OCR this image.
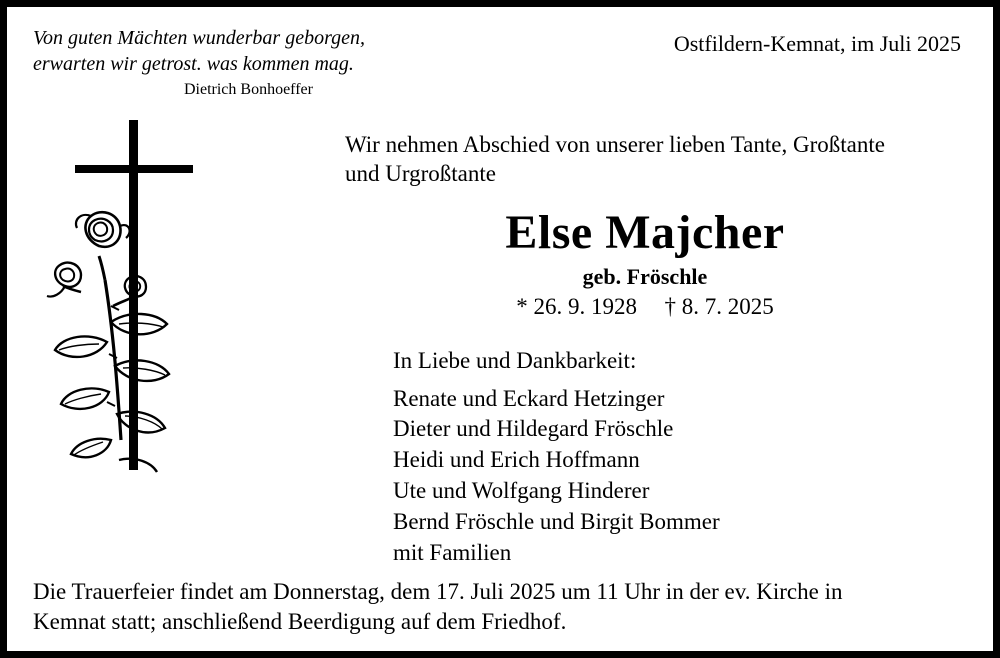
Von guten Mächten wunderbar geborgen,
erwarten wir getrost. was kommen mag.
Dietrich Bonhoeffer
Ostfildern-Kemnat, im Juli 2025
Wir nehmen Abschied von unserer lieben Tante, Großtante
und Urgroßtante
Else Majcher
geb. Fröschle
* 26. 9. 1928 † 8. 7. 2025
In Liebe und Dankbarkeit:
Renate und Eckard Hetzinger
Dieter und Hildegard Fröschle
Heidi und Erich Hoffmann
Ute und Wolfgang Hinderer
Bernd Fröschle und Birgit Bommer
mit Familien
Die Trauerfeier findet am Donnerstag, dem 17. Juli 2025 um 11 Uhr in der ev. Kirche in
Kemnat statt; anschließend Beerdigung auf dem Friedhof.
